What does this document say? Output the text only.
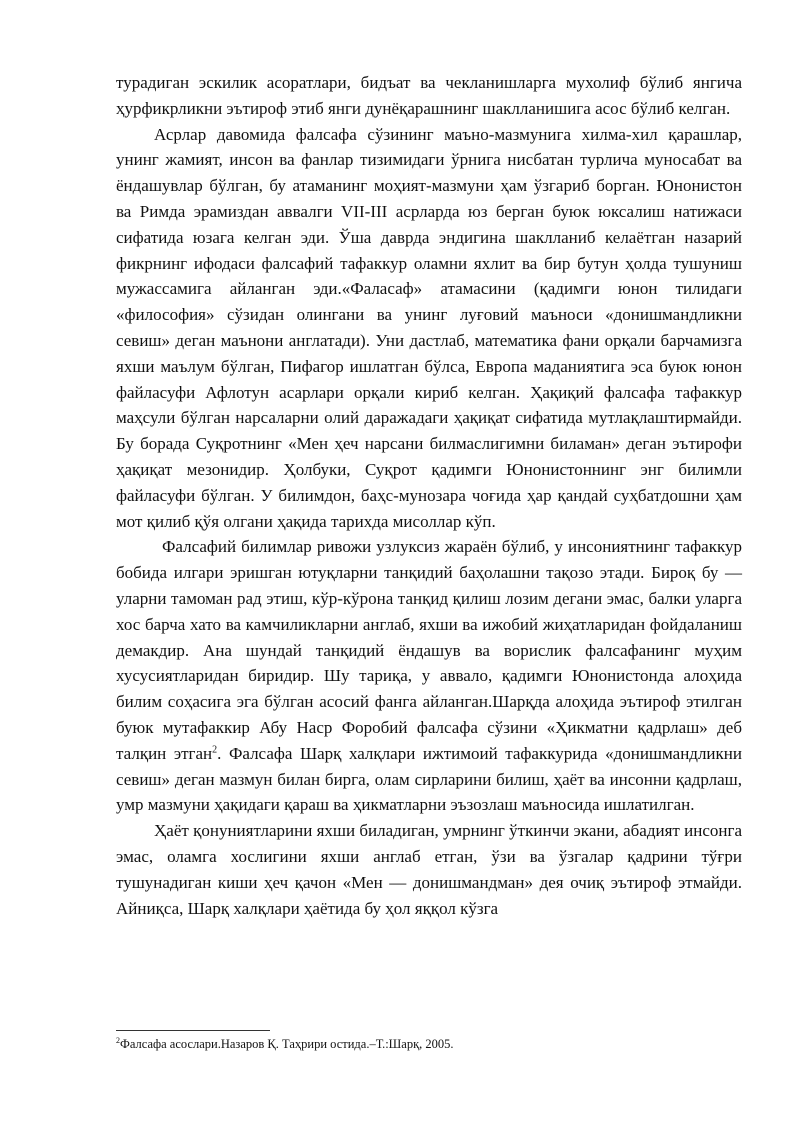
турадиган эскилик асоратлари, бидъат ва чекланишларга мухолиф бўлиб янгича ҳурфикрликни эътироф этиб янги дунёқарашнинг шаклланишига асос бўлиб келган.

Асрлар давомида фалсафа сўзининг маъно-мазмунига хилма-хил қарашлар, унинг жамият, инсон ва фанлар тизимидаги ўрнига нисбатан турлича муносабат ва ёндашувлар бўлган, бу атаманинг моҳият-мазмуни ҳам ўзгариб борган. Юнонистон ва Римда эрамиздан аввалги VII-III асрларда юз берган буюк юксалиш натижаси сифатида юзага келган эди. Ўша даврда эндигина шаклланиб келаётган назарий фикрнинг ифодаси фалсафий тафаккур оламни яхлит ва бир бутун ҳолда тушуниш мужассамига айланган эди.«Фаласаф» атамасини (қадимги юнон тилидаги «философия» сўзидан олингани ва унинг луғовий маъноси «донишмандликни севиш» деган маънони англатади). Уни дастлаб, математика фани орқали барчамизга яхши маълум бўлган, Пифагор ишлатган бўлса, Европа маданиятига эса буюк юнон файласуфи Афлотун асарлари орқали кириб келган. Ҳақиқий фалсафа тафаккур маҳсули бўлган нарсаларни олий даражадаги ҳақиқат сифатида мутлақлаштирмайди. Бу борада Суқротнинг «Мен ҳеч нарсани билмаслигимни биламан» деган эътирофи ҳақиқат мезонидир. Ҳолбуки, Суқрот қадимги Юнонистоннинг энг билимли файласуфи бўлган. У билимдон, баҳс-мунозара чоғида ҳар қандай суҳбатдошни ҳам мот қилиб қўя олгани ҳақида тарихда мисоллар кўп.

Фалсафий билимлар ривожи узлуксиз жараён бўлиб, у инсониятнинг тафаккур бобида илгари эришган ютуқларни танқидий баҳолашни тақозо этади. Бироқ бу — уларни тамоман рад этиш, кўр-кўрона танқид қилиш лозим дегани эмас, балки уларга хос барча хато ва камчиликларни англаб, яхши ва ижобий жиҳатларидан фойдаланиш демакдир. Ана шундай танқидий ёндашув ва ворислик фалсафанинг муҳим хусусиятларидан биридир. Шу тариқа, у аввало, қадимги Юнонистонда алоҳида билим соҳасига эга бўлган асосий фанга айланган.Шарқда алоҳида эътироф этилган буюк мутафаккир Абу Наср Форобий фалсафа сўзини «Ҳикматни қадрлаш» деб талқин этган$^2$. Фалсафа Шарқ халқлари ижтимоий тафаккурида «донишмандликни севиш» деган мазмун билан бирга, олам сирларини билиш, ҳаёт ва инсонни қадрлаш, умр мазмуни ҳақидаги қараш ва ҳикматларни эъзозлаш маъносида ишлатилган.

Ҳаёт қонуниятларини яхши биладиган, умрнинг ўткинчи экани, абадият инсонга эмас, оламга хослигини яхши англаб етган, ўзи ва ўзгалар қадрини тўғри тушунадиган киши ҳеч қачон «Мен — донишмандман» дея очиқ эътироф этмайди. Айниқса, Шарқ халқлари ҳаётида бу ҳол яққол кўзга

$^2$Фалсафа асослари.Назаров Қ. Таҳрири остида.–Т.:Шарқ, 2005.
